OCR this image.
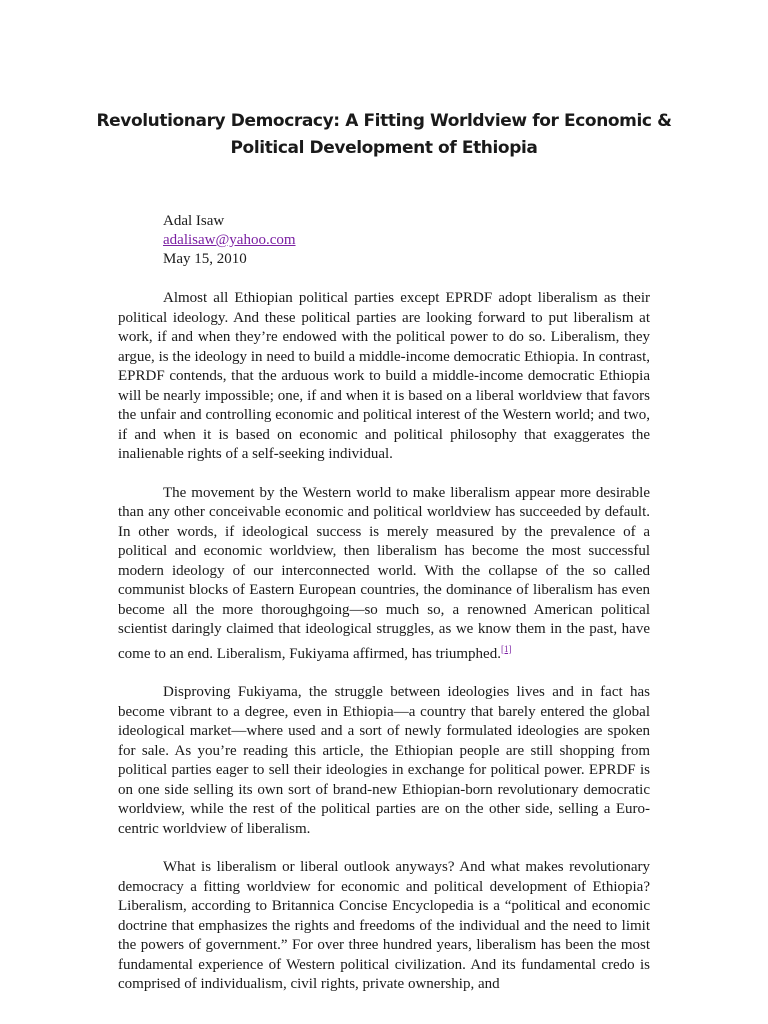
Revolutionary Democracy: A Fitting Worldview for Economic & Political Development of Ethiopia
Adal Isaw
adalisaw@yahoo.com
May 15, 2010

Almost all Ethiopian political parties except EPRDF adopt liberalism as their political ideology. And these political parties are looking forward to put liberalism at work, if and when they’re endowed with the political power to do so. Liberalism, they argue, is the ideology in need to build a middle-income democratic Ethiopia. In contrast, EPRDF contends, that the arduous work to build a middle-income democratic Ethiopia will be nearly impossible; one, if and when it is based on a liberal worldview that favors the unfair and controlling economic and political interest of the Western world; and two, if and when it is based on economic and political philosophy that exaggerates the inalienable rights of a self-seeking individual.

The movement by the Western world to make liberalism appear more desirable than any other conceivable economic and political worldview has succeeded by default. In other words, if ideological success is merely measured by the prevalence of a political and economic worldview, then liberalism has become the most successful modern ideology of our interconnected world. With the collapse of the so called communist blocks of Eastern European countries, the dominance of liberalism has even become all the more thoroughgoing—so much so, a renowned American political scientist daringly claimed that ideological struggles, as we know them in the past, have come to an end. Liberalism, Fukiyama affirmed, has triumphed.[1]

Disproving Fukiyama, the struggle between ideologies lives and in fact has become vibrant to a degree, even in Ethiopia—a country that barely entered the global ideological market—where used and a sort of newly formulated ideologies are spoken for sale. As you’re reading this article, the Ethiopian people are still shopping from political parties eager to sell their ideologies in exchange for political power. EPRDF is on one side selling its own sort of brand-new Ethiopian-born revolutionary democratic worldview, while the rest of the political parties are on the other side, selling a Euro-centric worldview of liberalism.

What is liberalism or liberal outlook anyways? And what makes revolutionary democracy a fitting worldview for economic and political development of Ethiopia? Liberalism, according to Britannica Concise Encyclopedia is a “political and economic doctrine that emphasizes the rights and freedoms of the individual and the need to limit the powers of government.” For over three hundred years, liberalism has been the most fundamental experience of Western political civilization. And its fundamental credo is comprised of individualism, civil rights, private ownership, and
